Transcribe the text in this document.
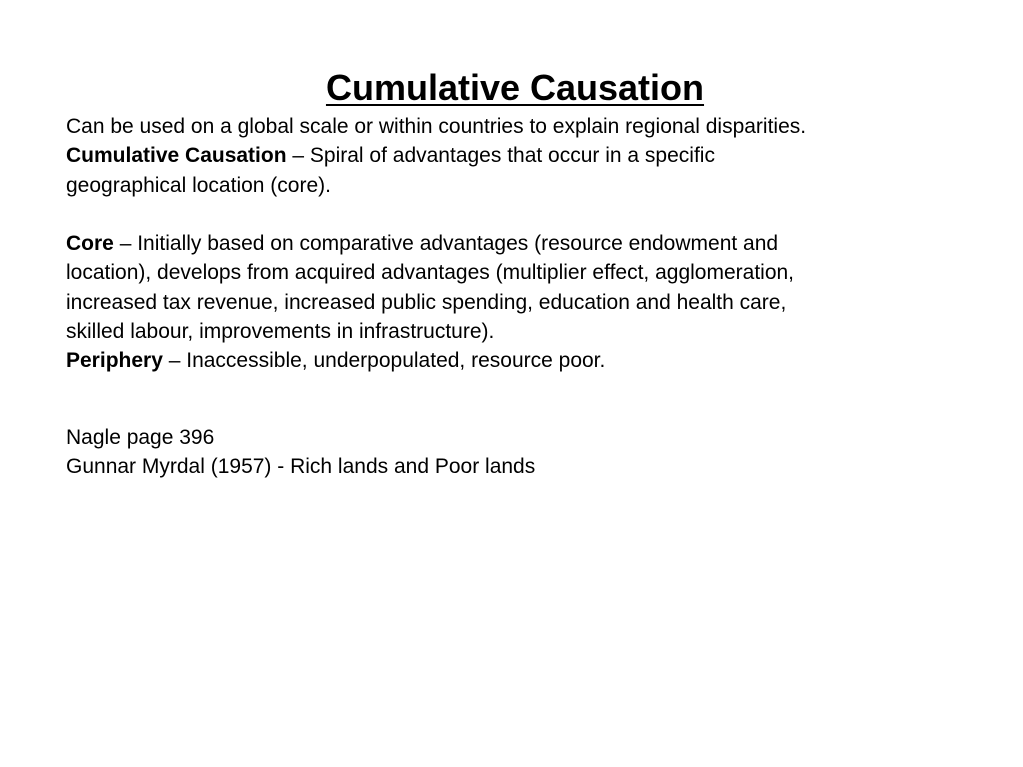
Cumulative Causation
Can be used on a global scale or within countries to explain regional disparities.
Cumulative Causation – Spiral of advantages that occur in a specific
geographical location (core).
Core – Initially based on comparative advantages (resource endowment and
location), develops from acquired advantages (multiplier effect, agglomeration,
increased tax revenue, increased public spending, education and health care,
skilled labour, improvements in infrastructure).
Periphery – Inaccessible, underpopulated, resource poor.
Nagle page 396
Gunnar Myrdal (1957) - Rich lands and Poor lands
